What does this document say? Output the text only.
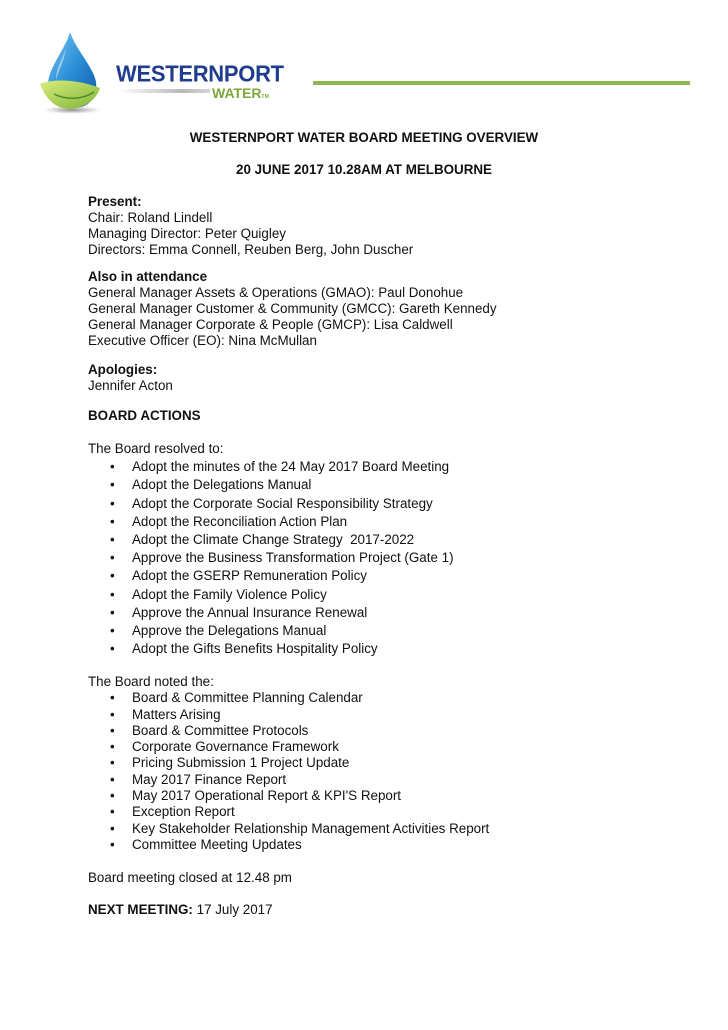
WESTERNPORT
WATERTM
WESTERNPORT WATER BOARD MEETING OVERVIEW
20 JUNE 2017 10.28AM AT MELBOURNE
Present:
Chair: Roland Lindell
Managing Director: Peter Quigley
Directors: Emma Connell, Reuben Berg, John Duscher
Also in attendance
General Manager Assets & Operations (GMAO): Paul Donohue
General Manager Customer & Community (GMCC): Gareth Kennedy
General Manager Corporate & People (GMCP): Lisa Caldwell
Executive Officer (EO): Nina McMullan
Apologies:
Jennifer Acton
BOARD ACTIONS
The Board resolved to:
• Adopt the minutes of the 24 May 2017 Board Meeting
• Adopt the Delegations Manual
• Adopt the Corporate Social Responsibility Strategy
• Adopt the Reconciliation Action Plan
• Adopt the Climate Change Strategy  2017-2022
• Approve the Business Transformation Project (Gate 1)
• Adopt the GSERP Remuneration Policy
• Adopt the Family Violence Policy
• Approve the Annual Insurance Renewal
• Approve the Delegations Manual
• Adopt the Gifts Benefits Hospitality Policy
The Board noted the:
• Board & Committee Planning Calendar
• Matters Arising
• Board & Committee Protocols
• Corporate Governance Framework
• Pricing Submission 1 Project Update
• May 2017 Finance Report
• May 2017 Operational Report & KPI'S Report
• Exception Report
• Key Stakeholder Relationship Management Activities Report
• Committee Meeting Updates
Board meeting closed at 12.48 pm
NEXT MEETING: 17 July 2017
